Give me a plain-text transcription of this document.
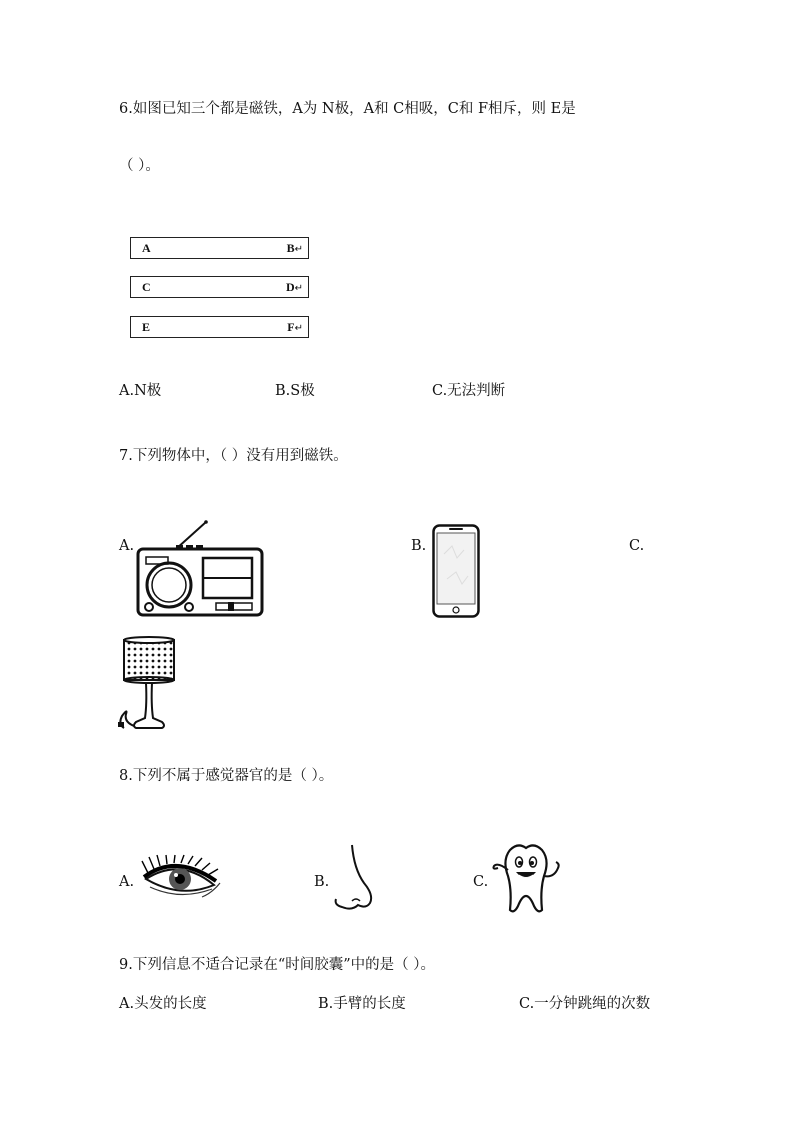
6.如图已知三个都是磁铁，A为 N极，A和 C相吸，C和 F相斥，则 E是
（ ）。
A	B↵
C	D↵
E	F↵
A.N极	B.S极	C.无法判断
7.下列物体中，（ ）没有用到磁铁。
A.	B.	C.
8.下列不属于感觉器官的是（ ）。
A.	B.	C.
9.下列信息不适合记录在“时间胶囊”中的是（ ）。
A.头发的长度	B.手臂的长度	C.一分钟跳绳的次数
